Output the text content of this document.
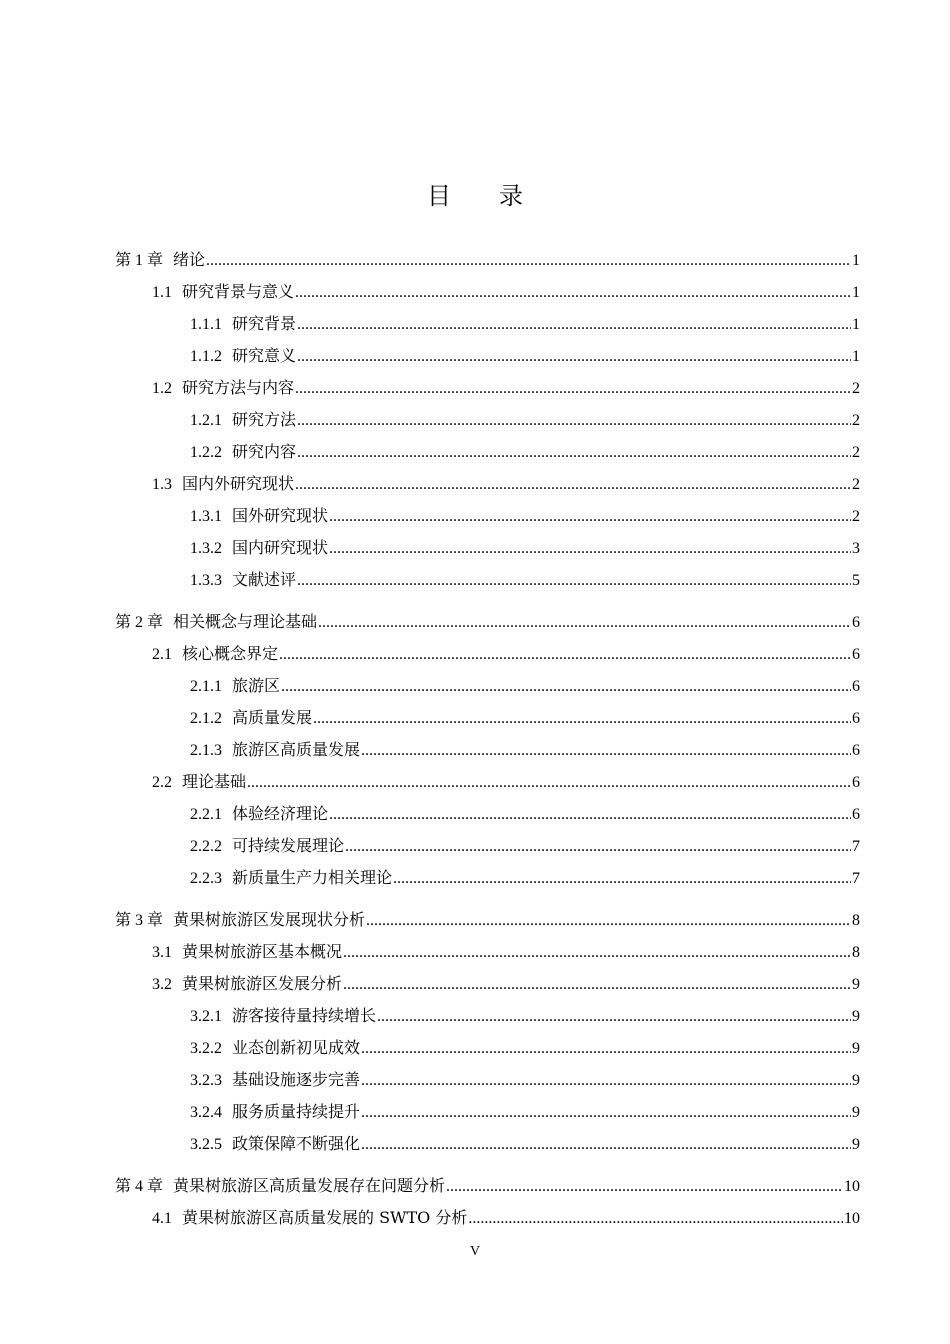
目 录
第 1 章 绪论 .....	1
1.1 研究背景与意义 .....	1
1.1.1 研究背景 .....	1
1.1.2 研究意义 .....	1
1.2 研究方法与内容 .....	2
1.2.1 研究方法 .....	2
1.2.2 研究内容 .....	2
1.3 国内外研究现状 .....	2
1.3.1 国外研究现状 .....	2
1.3.2 国内研究现状 .....	3
1.3.3 文献述评 .....	5
第 2 章 相关概念与理论基础 .....	6
2.1 核心概念界定 .....	6
2.1.1 旅游区 .....	6
2.1.2 高质量发展 .....	6
2.1.3 旅游区高质量发展 .....	6
2.2 理论基础 .....	6
2.2.1 体验经济理论 .....	6
2.2.2 可持续发展理论 .....	7
2.2.3 新质量生产力相关理论 .....	7
第 3 章 黄果树旅游区发展现状分析 .....	8
3.1 黄果树旅游区基本概况 .....	8
3.2 黄果树旅游区发展分析 .....	9
3.2.1 游客接待量持续增长 .....	9
3.2.2 业态创新初见成效 .....	9
3.2.3 基础设施逐步完善 .....	9
3.2.4 服务质量持续提升 .....	9
3.2.5 政策保障不断强化 .....	9
第 4 章 黄果树旅游区高质量发展存在问题分析 .....	10
4.1 黄果树旅游区高质量发展的 SWTO 分析 .....	10
V
